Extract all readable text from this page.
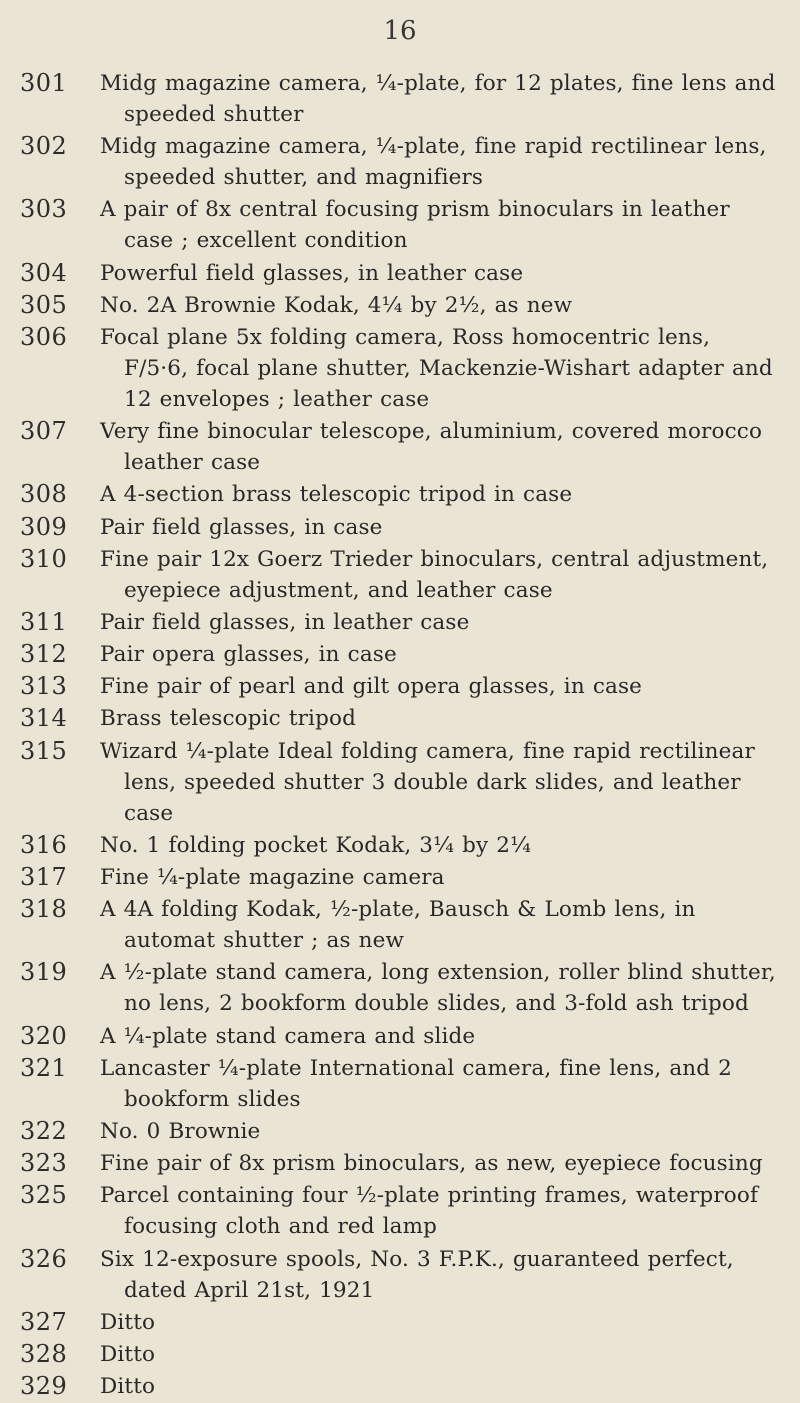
16
301	Midg magazine camera, ¼-plate, for 12 plates, fine lens and speeded shutter
302	Midg magazine camera, ¼-plate, fine rapid rectilinear lens, speeded shutter, and magnifiers
303	A pair of 8x central focusing prism binoculars in leather case ; excellent condition
304	Powerful field glasses, in leather case
305	No. 2A Brownie Kodak, 4¼ by 2½, as new
306	Focal plane 5x folding camera, Ross homocentric lens, F/5·6, focal plane shutter, Mackenzie-Wishart adapter and 12 envelopes ; leather case
307	Very fine binocular telescope, aluminium, covered morocco leather case
308	A 4-section brass telescopic tripod in case
309	Pair field glasses, in case
310	Fine pair 12x Goerz Trieder binoculars, central adjustment, eyepiece adjustment, and leather case
311	Pair field glasses, in leather case
312	Pair opera glasses, in case
313	Fine pair of pearl and gilt opera glasses, in case
314	Brass telescopic tripod
315	Wizard ¼-plate Ideal folding camera, fine rapid rectilinear lens, speeded shutter 3 double dark slides, and leather case
316	No. 1 folding pocket Kodak, 3¼ by 2¼
317	Fine ¼-plate magazine camera
318	A 4A folding Kodak, ½-plate, Bausch & Lomb lens, in automat shutter ; as new
319	A ½-plate stand camera, long extension, roller blind shutter, no lens, 2 bookform double slides, and 3-fold ash tripod
320	A ¼-plate stand camera and slide
321	Lancaster ¼-plate International camera, fine lens, and 2 bookform slides
322	No. 0 Brownie
323	Fine pair of 8x prism binoculars, as new, eyepiece focusing
325	Parcel containing four ½-plate printing frames, waterproof focusing cloth and red lamp
326	Six 12-exposure spools, No. 3 F.P.K., guaranteed perfect, dated April 21st, 1921
327	Ditto
328	Ditto
329	Ditto
